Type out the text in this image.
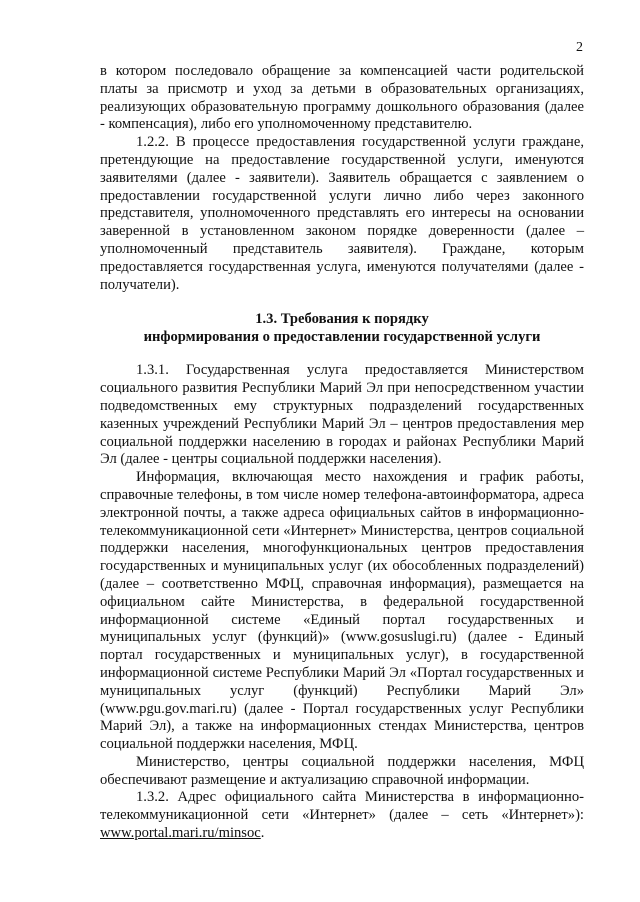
2

в котором последовало обращение за компенсацией части родительской платы за присмотр и уход за детьми в образовательных организациях, реализующих образовательную программу дошкольного образования (далее - компенсация), либо его уполномоченному представителю.

1.2.2. В процессе предоставления государственной услуги граждане, претендующие на предоставление государственной услуги, именуются заявителями (далее - заявители). Заявитель обращается с заявлением о предоставлении государственной услуги лично либо через законного представителя, уполномоченного представлять его интересы на основании заверенной в установленном законом порядке доверенности (далее – уполномоченный представитель заявителя). Граждане, которым предоставляется государственная услуга, именуются получателями (далее - получатели).

1.3. Требования к порядку
информирования о предоставлении государственной услуги

1.3.1. Государственная услуга предоставляется Министерством социального развития Республики Марий Эл при непосредственном участии подведомственных ему структурных подразделений государственных казенных учреждений Республики Марий Эл – центров предоставления мер социальной поддержки населению в городах и районах Республики Марий Эл (далее - центры социальной поддержки населения).

Информация, включающая место нахождения и график работы, справочные телефоны, в том числе номер телефона-автоинформатора, адреса электронной почты, а также адреса официальных сайтов в информационно-телекоммуникационной сети «Интернет» Министерства, центров социальной поддержки населения, многофункциональных центров предоставления государственных и муниципальных услуг (их обособленных подразделений) (далее – соответственно МФЦ, справочная информация), размещается на официальном сайте Министерства, в федеральной государственной информационной системе «Единый портал государственных и муниципальных услуг (функций)» (www.gosuslugi.ru) (далее - Единый портал государственных и муниципальных услуг), в государственной информационной системе Республики Марий Эл «Портал государственных и муниципальных услуг (функций) Республики Марий Эл» (www.pgu.gov.mari.ru) (далее - Портал государственных услуг Республики Марий Эл), а также на информационных стендах Министерства, центров социальной поддержки населения, МФЦ.

Министерство, центры социальной поддержки населения, МФЦ обеспечивают размещение и актуализацию справочной информации.

1.3.2. Адрес официального сайта Министерства в информационно-телекоммуникационной сети «Интернет» (далее – сеть «Интернет»): www.portal.mari.ru/minsoc.
